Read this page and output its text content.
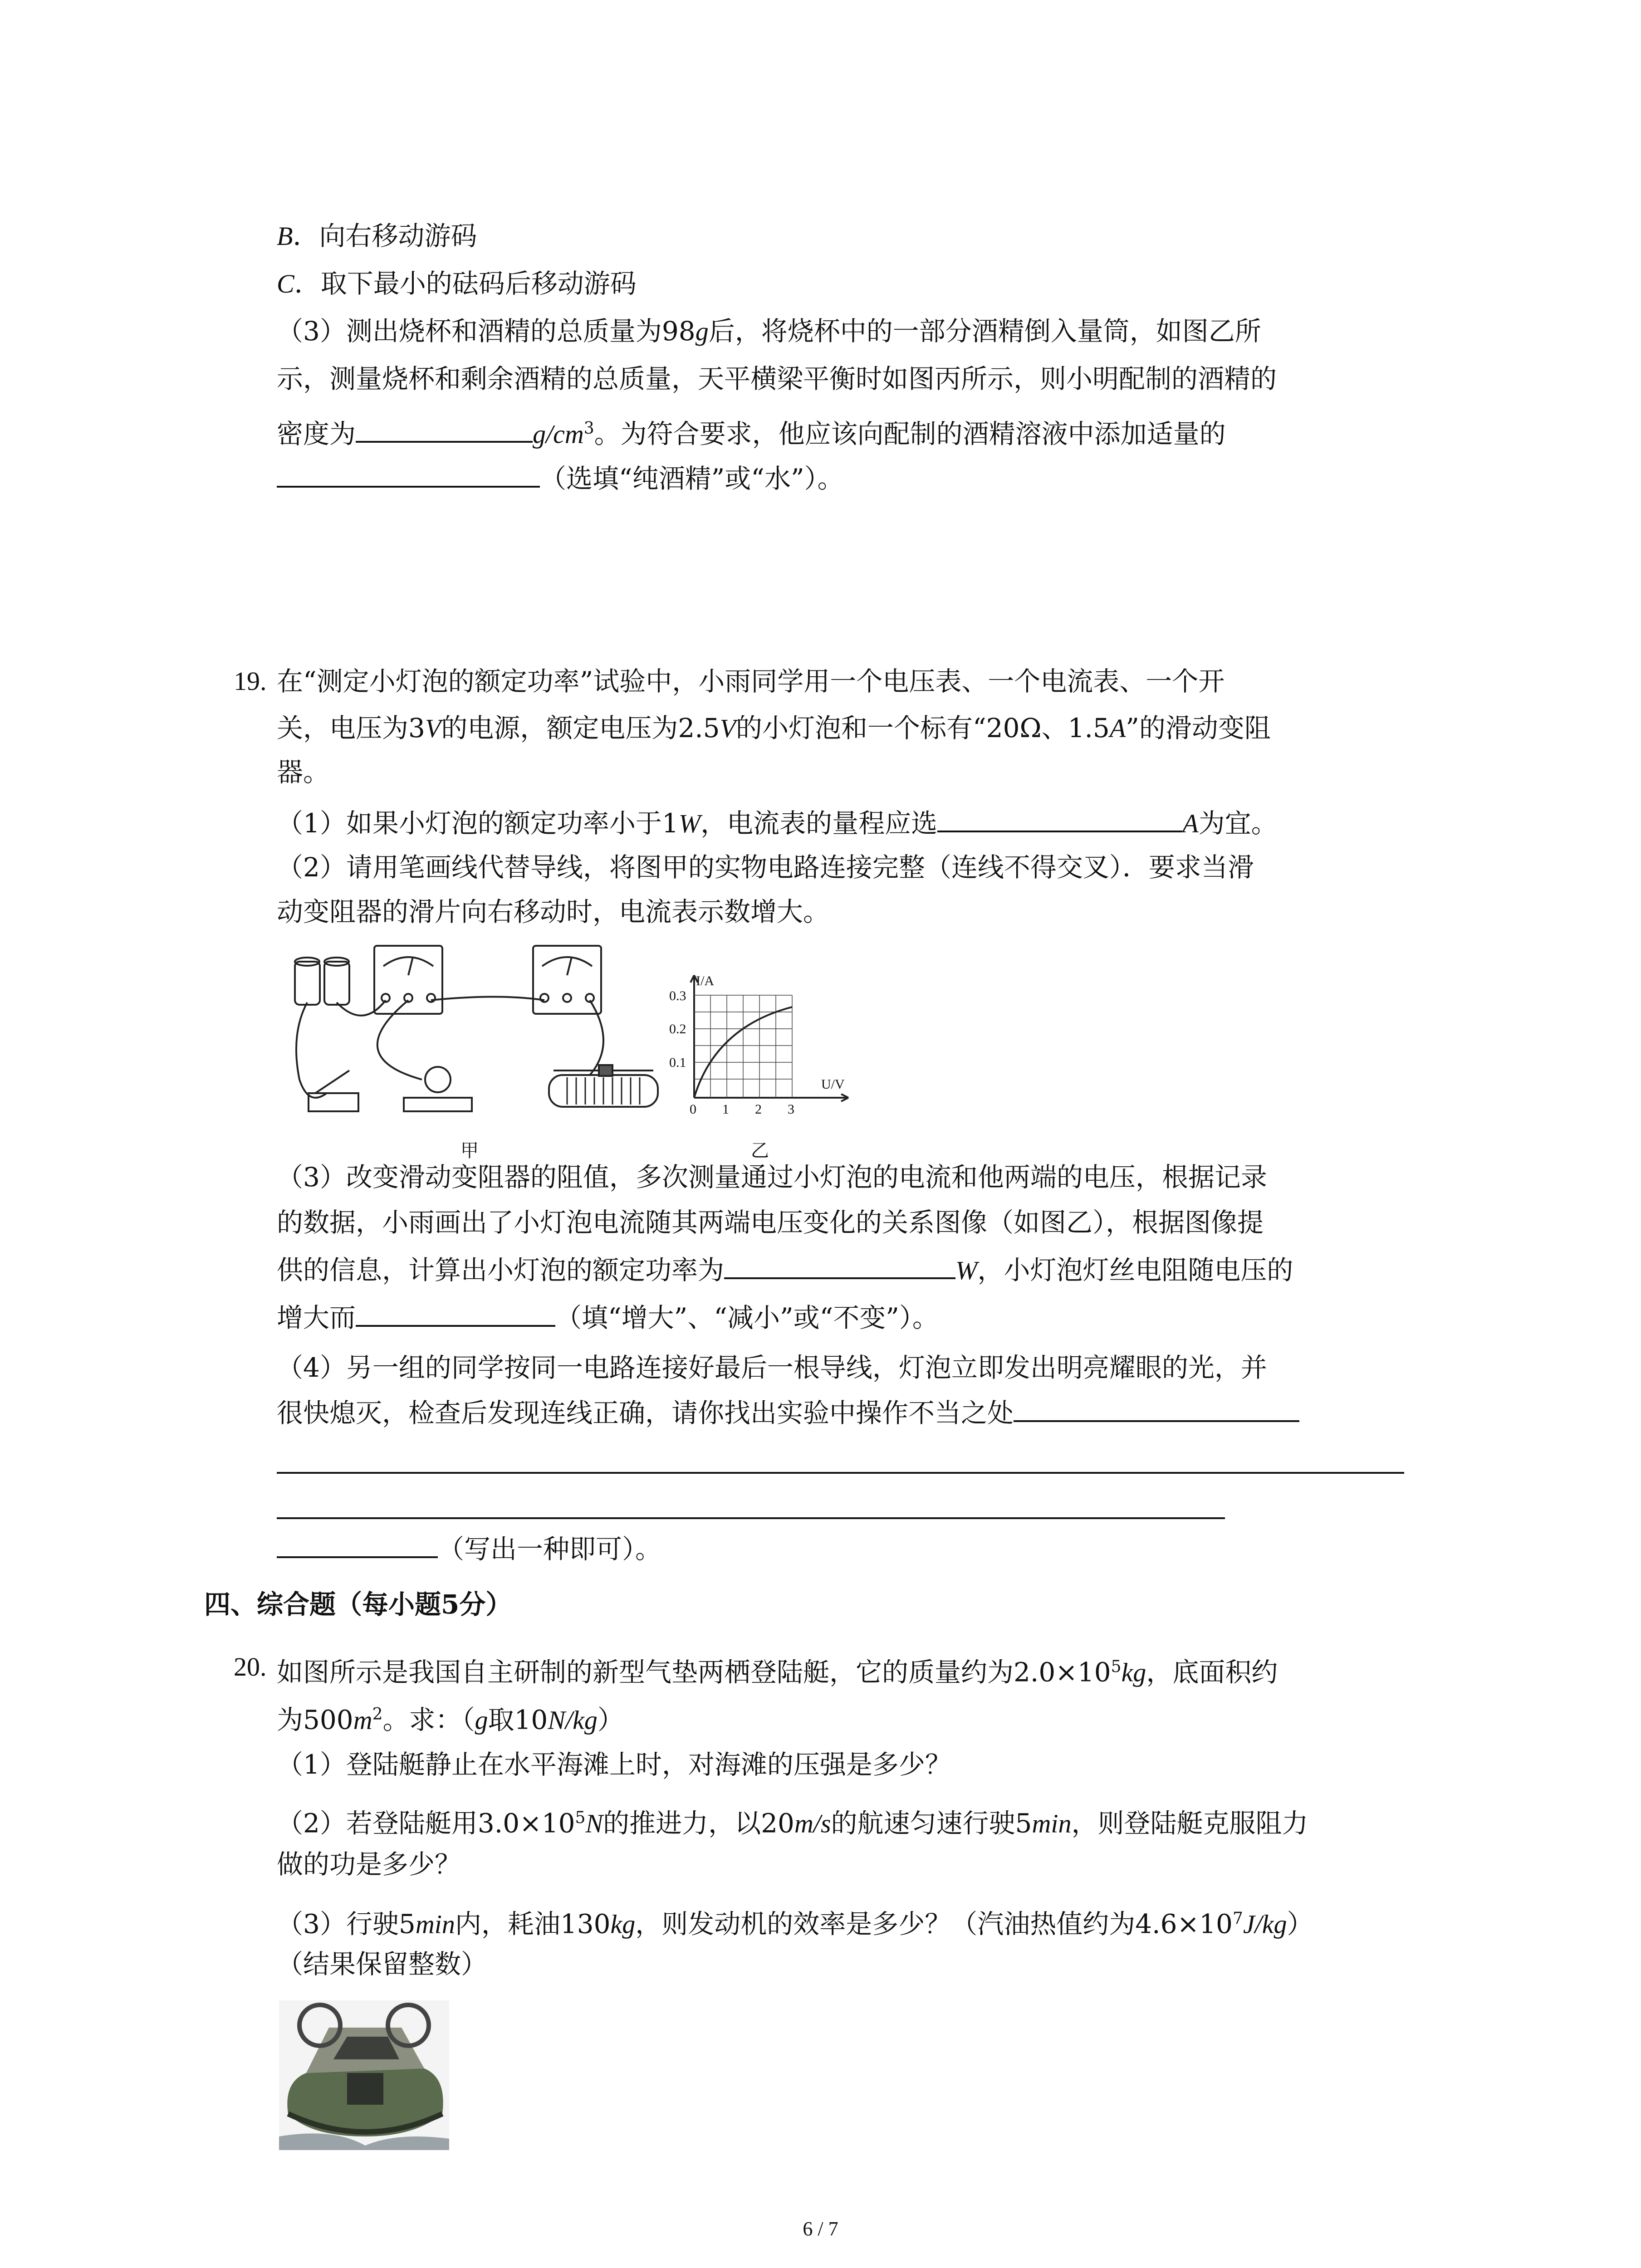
B．向右移动游码
C．取下最小的砝码后移动游码
（3）测出烧杯和酒精的总质量为98g后，将烧杯中的一部分酒精倒入量筒，如图乙所
示，测量烧杯和剩余酒精的总质量，天平横梁平衡时如图丙所示，则小明配制的酒精的
密度为	$g/cm^3$。为符合要求，他应该向配制的酒精溶液中添加适量的
（选填“纯酒精”或“水”）。
19. 在“测定小灯泡的额定功率”试验中，小雨同学用一个电压表、一个电流表、一个开
关，电压为3V的电源，额定电压为2.5V的小灯泡和一个标有“20Ω、1.5A”的滑动变阻
器。
（1）如果小灯泡的额定功率小于1W，电流表的量程应选	A为宜。
（2）请用笔画线代替导线，将图甲的实物电路连接完整（连线不得交叉）．要求当滑
动变阻器的滑片向右移动时，电流表示数增大。
甲
I/A
U/V
0.3
0.2
0.1
0 1 2 3
乙
（3）改变滑动变阻器的阻值，多次测量通过小灯泡的电流和他两端的电压，根据记录
的数据，小雨画出了小灯泡电流随其两端电压变化的关系图像（如图乙），根据图像提
供的信息，计算出小灯泡的额定功率为	W，小灯泡灯丝电阻随电压的
增大而	（填“增大”、“减小”或“不变”）。
（4）另一组的同学按同一电路连接好最后一根导线，灯泡立即发出明亮耀眼的光，并
很快熄灭，检查后发现连线正确，请你找出实验中操作不当之处
（写出一种即可）。
四、综合题（每小题5分）
20. 如图所示是我国自主研制的新型气垫两栖登陆艇，它的质量约为$2.0\times 10^5kg$，底面积约
为$500m^2$。求：（g取10N/kg）
（1）登陆艇静止在水平海滩上时，对海滩的压强是多少？
（2）若登陆艇用$3.0\times 10^5N$的推进力，以20m/s的航速匀速行驶5min，则登陆艇克服阻力
做的功是多少？
（3）行驶5min内，耗油130kg，则发动机的效率是多少？（汽油热值约为$4.6\times 10^7J/kg$）
（结果保留整数）
6 / 7
